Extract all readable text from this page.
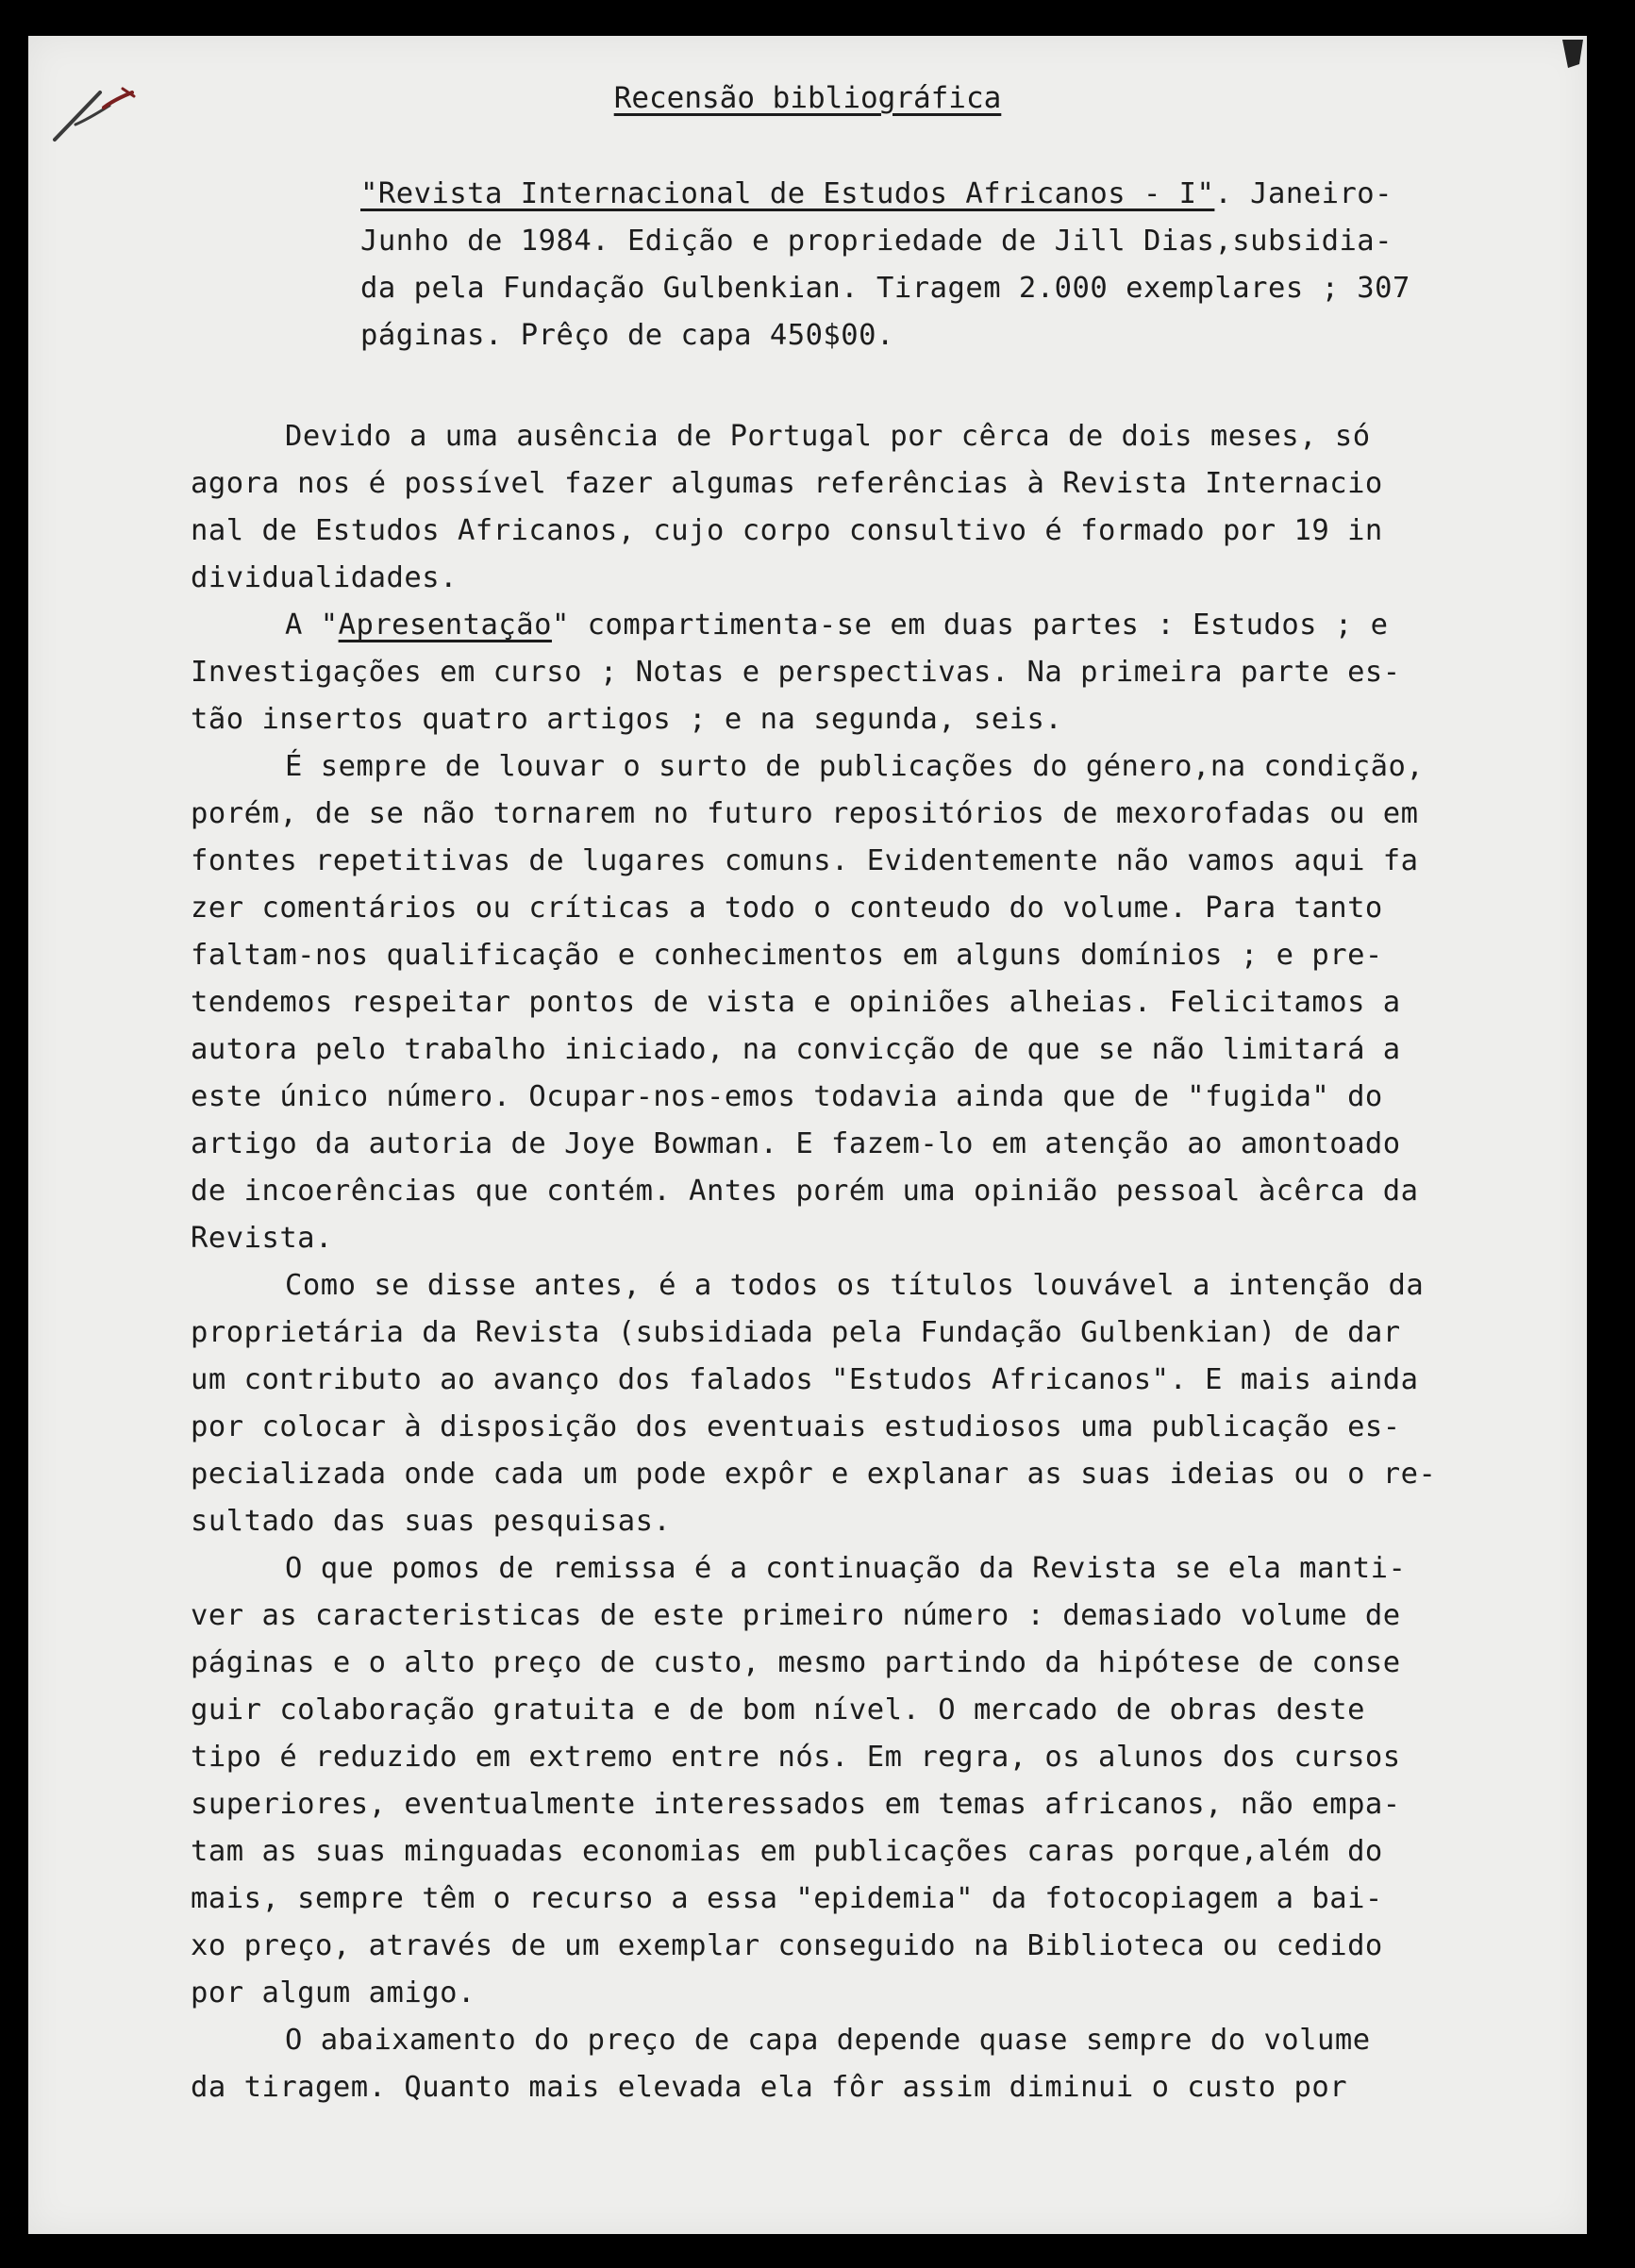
Recensão bibliográfica

"Revista Internacional de Estudos Africanos - I". Janeiro-
Junho de 1984. Edição e propriedade de Jill Dias,subsidia-
da pela Fundação Gulbenkian. Tiragem 2.000 exemplares ; 307
páginas. Prêço de capa 450$00.
Devido a uma ausência de Portugal por cêrca de dois meses, só
agora nos é possível fazer algumas referências à Revista Internacio
nal de Estudos Africanos, cujo corpo consultivo é formado por 19 in
dividualidades.
A "Apresentação" compartimenta-se em duas partes : Estudos ; e
Investigações em curso ; Notas e perspectivas. Na primeira parte es-
tão insertos quatro artigos ; e na segunda, seis.
É sempre de louvar o surto de publicações do género,na condição,
porém, de se não tornarem no futuro repositórios de mexorofadas ou em
fontes repetitivas de lugares comuns. Evidentemente não vamos aqui fa
zer comentários ou críticas a todo o conteudo do volume. Para tanto
faltam-nos qualificação e conhecimentos em alguns domínios ; e pre-
tendemos respeitar pontos de vista e opiniões alheias. Felicitamos a
autora pelo trabalho iniciado, na convicção de que se não limitará a
este único número. Ocupar-nos-emos todavia ainda que de "fugida" do
artigo da autoria de Joye Bowman. E fazem-lo em atenção ao amontoado
de incoerências que contém. Antes porém uma opinião pessoal àcêrca da
Revista.
Como se disse antes, é a todos os títulos louvável a intenção da
proprietária da Revista (subsidiada pela Fundação Gulbenkian) de dar
um contributo ao avanço dos falados "Estudos Africanos". E mais ainda
por colocar à disposição dos eventuais estudiosos uma publicação es-
pecializada onde cada um pode expôr e explanar as suas ideias ou o re-
sultado das suas pesquisas.
O que pomos de remissa é a continuação da Revista se ela manti-
ver as caracteristicas de este primeiro número : demasiado volume de
páginas e o alto preço de custo, mesmo partindo da hipótese de conse
guir colaboração gratuita e de bom nível. O mercado de obras deste
tipo é reduzido em extremo entre nós. Em regra, os alunos dos cursos
superiores, eventualmente interessados em temas africanos, não empa-
tam as suas minguadas economias em publicações caras porque,além do
mais, sempre têm o recurso a essa "epidemia" da fotocopiagem a bai-
xo preço, através de um exemplar conseguido na Biblioteca ou cedido
por algum amigo.
O abaixamento do preço de capa depende quase sempre do volume
da tiragem. Quanto mais elevada ela fôr assim diminui o custo por
